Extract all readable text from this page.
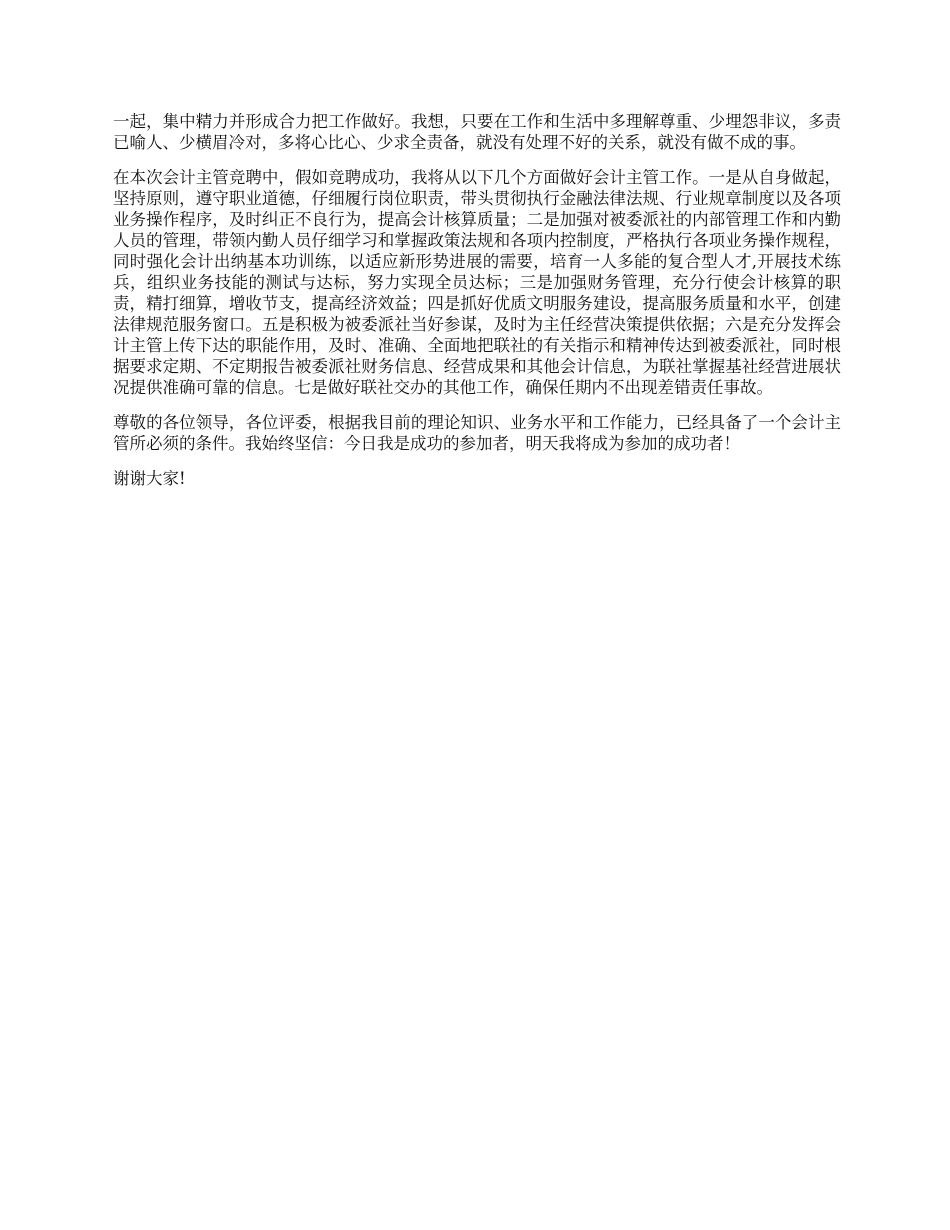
一起，集中精力并形成合力把工作做好。我想，只要在工作和生活中多理解尊重、少埋怨非议，多责已喻人、少横眉冷对，多将心比心、少求全责备，就没有处理不好的关系，就没有做不成的事。

在本次会计主管竞聘中，假如竞聘成功，我将从以下几个方面做好会计主管工作。一是从自身做起，坚持原则，遵守职业道德，仔细履行岗位职责，带头贯彻执行金融法律法规、行业规章制度以及各项业务操作程序，及时纠正不良行为，提高会计核算质量；二是加强对被委派社的内部管理工作和内勤人员的管理，带领内勤人员仔细学习和掌握政策法规和各项内控制度，严格执行各项业务操作规程，同时强化会计出纳基本功训练，以适应新形势进展的需要，培育一人多能的复合型人才,开展技术练兵，组织业务技能的测试与达标，努力实现全员达标；三是加强财务管理，充分行使会计核算的职责，精打细算，增收节支，提高经济效益；四是抓好优质文明服务建设，提高服务质量和水平，创建法律规范服务窗口。五是积极为被委派社当好参谋，及时为主任经营决策提供依据；六是充分发挥会计主管上传下达的职能作用，及时、准确、全面地把联社的有关指示和精神传达到被委派社，同时根据要求定期、不定期报告被委派社财务信息、经营成果和其他会计信息，为联社掌握基社经营进展状况提供准确可靠的信息。七是做好联社交办的其他工作，确保任期内不出现差错责任事故。

尊敬的各位领导，各位评委，根据我目前的理论知识、业务水平和工作能力，已经具备了一个会计主管所必须的条件。我始终坚信：今日我是成功的参加者，明天我将成为参加的成功者！

谢谢大家!
